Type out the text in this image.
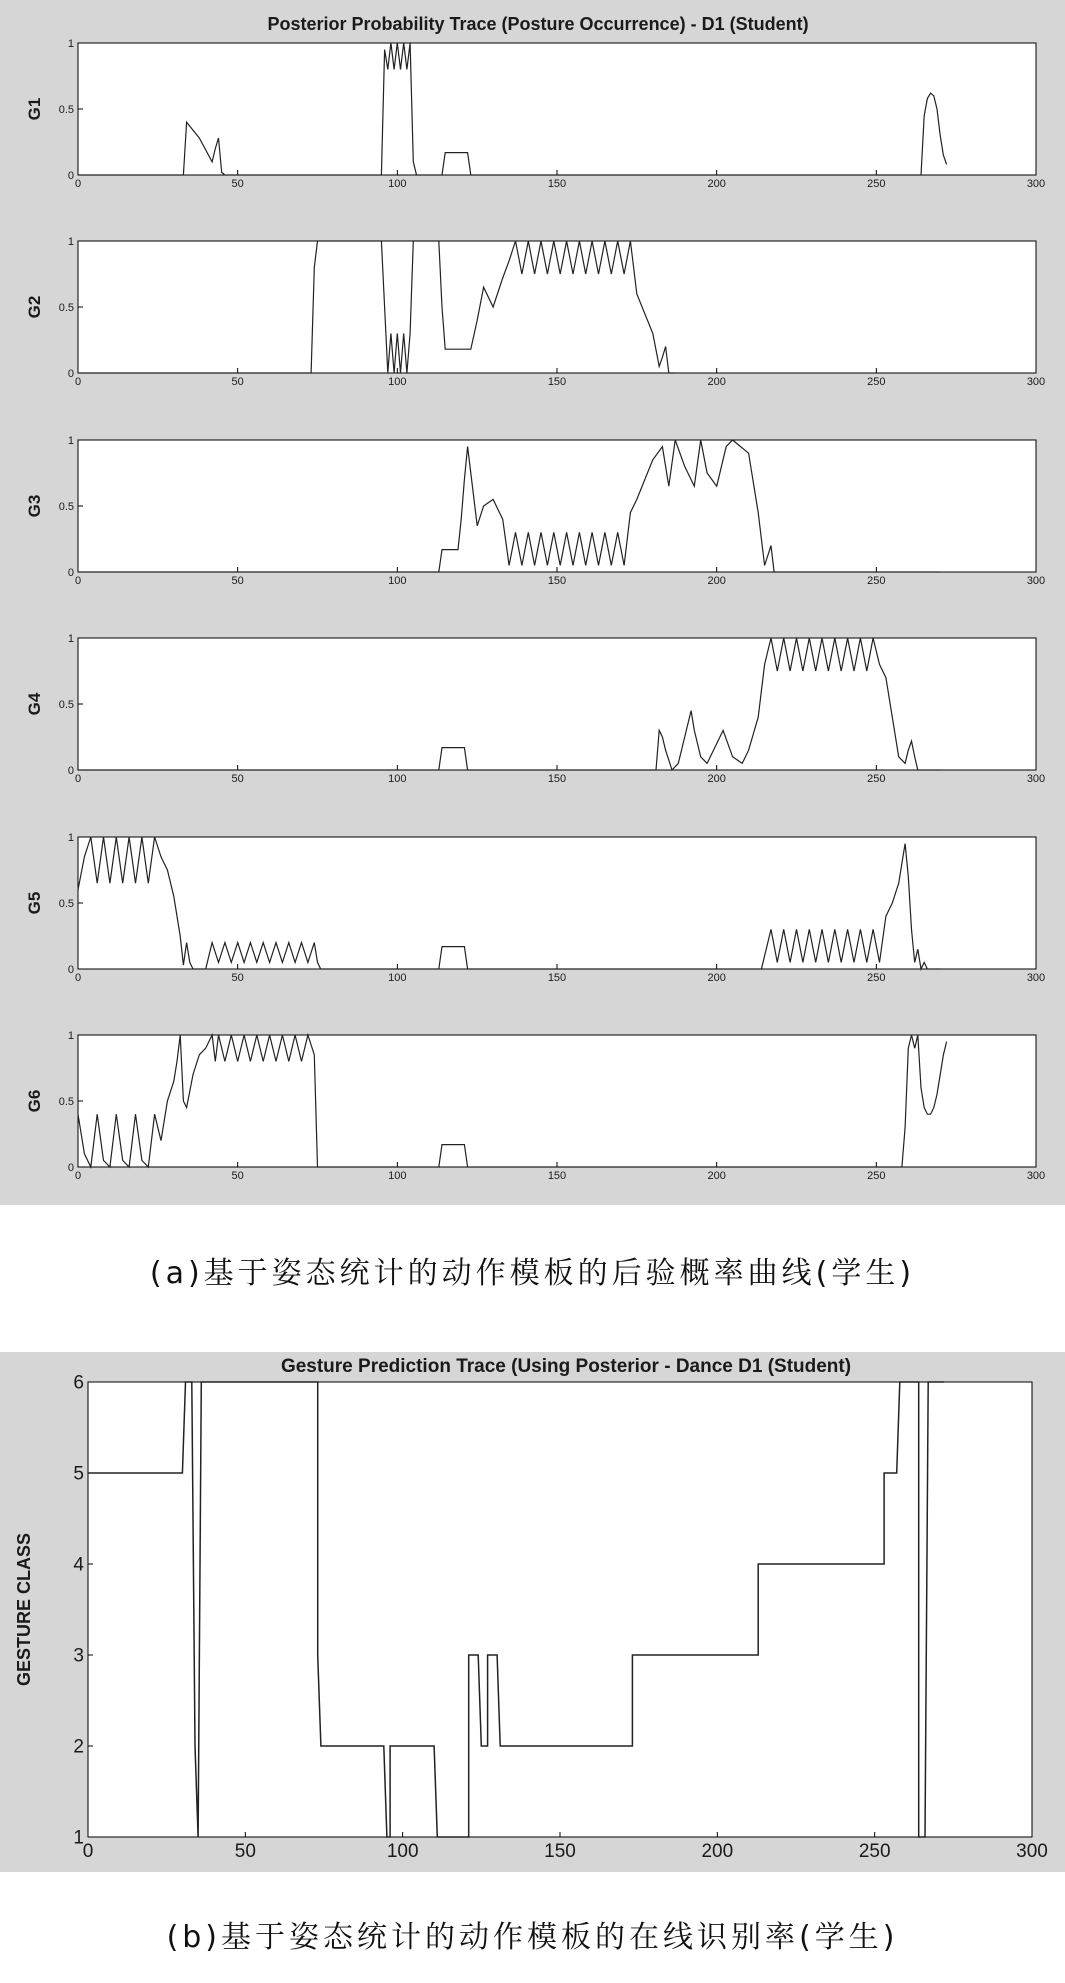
Posterior Probability Trace (Posture Occurrence) - D1 (Student)
0	50	100	150	200	250	300
0
0.5
1
G1
0	50	100	150	200	250	300
0
0.5
1
G2
0	50	100	150	200	250	300
0
0.5
1
G3
0	50	100	150	200	250	300
0
0.5
1
G4
0	50	100	150	200	250	300
0
0.5
1
G5
0	50	100	150	200	250	300
0
0.5
1
G6
(a)基于姿态统计的动作模板的后验概率曲线(学生)
Gesture Prediction Trace (Using Posterior - Dance D1 (Student)
0	50	100	150	200	250	300
1
2
3
4
5
6
GESTURE CLASS
(b)基于姿态统计的动作模板的在线识别率(学生)
